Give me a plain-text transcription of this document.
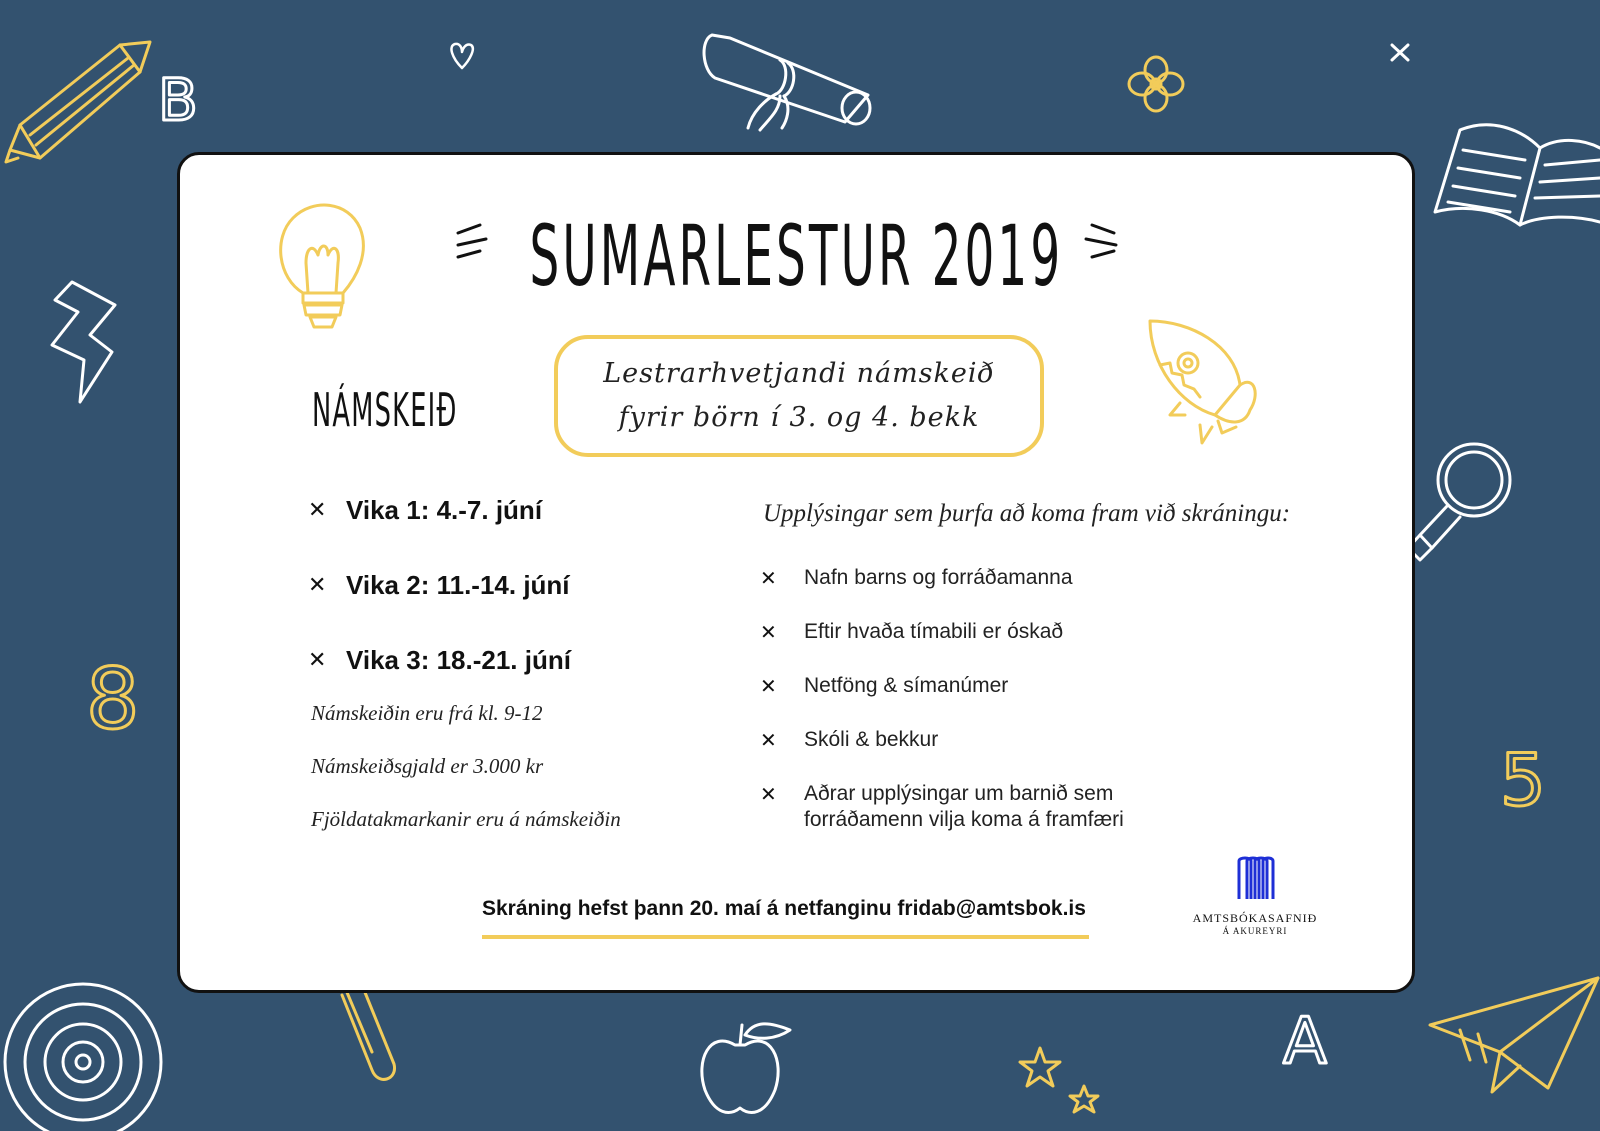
B
8
5
A
SUMARLESTUR 2019
Lestrarhvetjandi námskeið
fyrir börn í 3. og 4. bekk
NÁMSKEIÐ
✕ Vika 1: 4.-7. júní
✕ Vika 2: 11.-14. júní
✕ Vika 3: 18.-21. júní
Námskeiðin eru frá kl. 9-12
Námskeiðsgjald er 3.000 kr
Fjöldatakmarkanir eru á námskeiðin
Upplýsingar sem þurfa að koma fram við skráningu:
✕	Nafn barns og forráðamanna
✕	Eftir hvaða tímabili er óskað
✕	Netföng & símanúmer
✕	Skóli & bekkur
✕	Aðrar upplýsingar um barnið sem forráðamenn vilja koma á framfæri
Skráning hefst þann 20. maí á netfanginu fridab@amtsbok.is	AMTSBÓKASAFNIÐ
Á AKUREYRI
